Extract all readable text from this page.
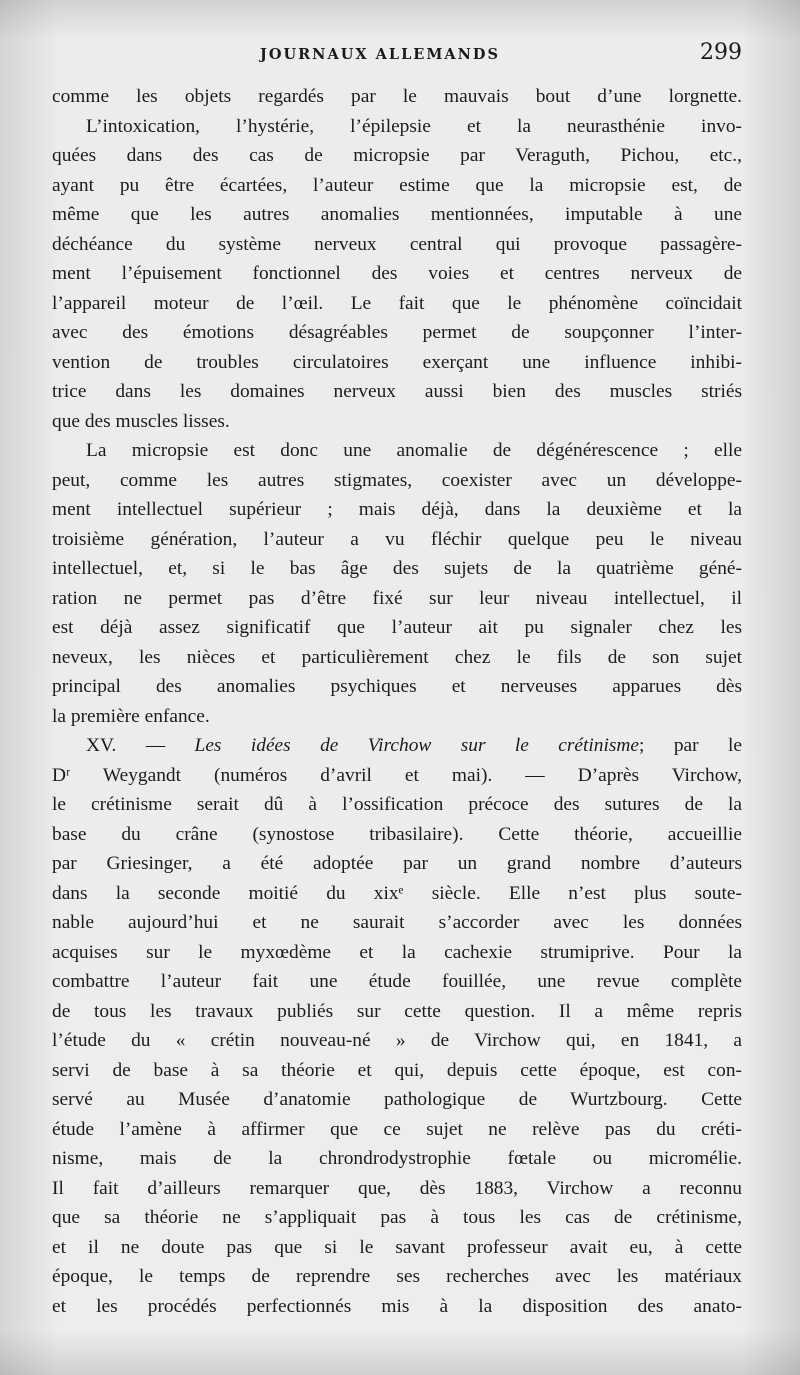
JOURNAUX ALLEMANDS	299
comme les objets regardés par le mauvais bout d’une lorgnette.
L’intoxication, l’hystérie, l’épilepsie et la neurasthénie invo-
quées dans des cas de micropsie par Veraguth, Pichou, etc.,
ayant pu être écartées, l’auteur estime que la micropsie est, de
même que les autres anomalies mentionnées, imputable à une
déchéance du système nerveux central qui provoque passagère-
ment l’épuisement fonctionnel des voies et centres nerveux de
l’appareil moteur de l’œil. Le fait que le phénomène coïncidait
avec des émotions désagréables permet de soupçonner l’inter-
vention de troubles circulatoires exerçant une influence inhibi-
trice dans les domaines nerveux aussi bien des muscles striés
que des muscles lisses.
La micropsie est donc une anomalie de dégénérescence ; elle
peut, comme les autres stigmates, coexister avec un développe-
ment intellectuel supérieur ; mais déjà, dans la deuxième et la
troisième génération, l’auteur a vu fléchir quelque peu le niveau
intellectuel, et, si le bas âge des sujets de la quatrième géné-
ration ne permet pas d’être fixé sur leur niveau intellectuel, il
est déjà assez significatif que l’auteur ait pu signaler chez les
neveux, les nièces et particulièrement chez le fils de son sujet
principal des anomalies psychiques et nerveuses apparues dès
la première enfance.
XV. — Les idées de Virchow sur le crétinisme; par le
Dʳ Weygandt (numéros d’avril et mai). — D’après Virchow,
le crétinisme serait dû à l’ossification précoce des sutures de la
base du crâne (synostose tribasilaire). Cette théorie, accueillie
par Griesinger, a été adoptée par un grand nombre d’auteurs
dans la seconde moitié du xixᵉ siècle. Elle n’est plus soute-
nable aujourd’hui et ne saurait s’accorder avec les données
acquises sur le myxœdème et la cachexie strumiprive. Pour la
combattre l’auteur fait une étude fouillée, une revue complète
de tous les travaux publiés sur cette question. Il a même repris
l’étude du « crétin nouveau-né » de Virchow qui, en 1841, a
servi de base à sa théorie et qui, depuis cette époque, est con-
servé au Musée d’anatomie pathologique de Wurtzbourg. Cette
étude l’amène à affirmer que ce sujet ne relève pas du créti-
nisme, mais de la chrondrodystrophie fœtale ou micromélie.
Il fait d’ailleurs remarquer que, dès 1883, Virchow a reconnu
que sa théorie ne s’appliquait pas à tous les cas de crétinisme,
et il ne doute pas que si le savant professeur avait eu, à cette
époque, le temps de reprendre ses recherches avec les matériaux
et les procédés perfectionnés mis à la disposition des anato-
